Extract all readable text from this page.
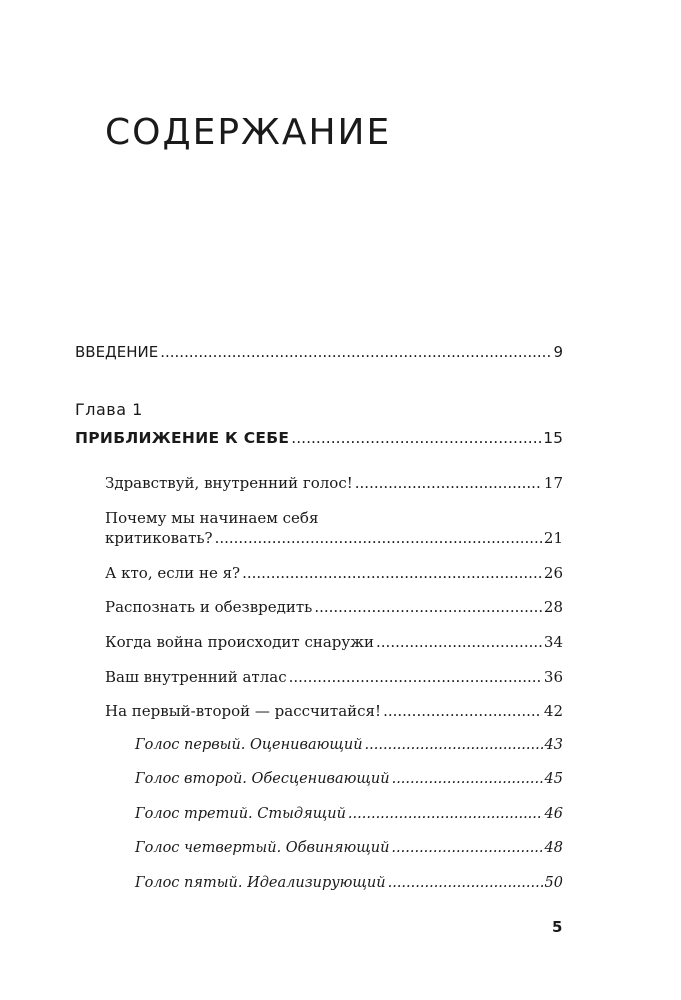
СОДЕРЖАНИЕ
ВВЕДЕНИЕ .....	9
Глава 1
ПРИБЛИЖЕНИЕ К СЕБЕ .....	15
Здравствуй, внутренний голос! .....	17
Почему мы начинаем себя
критиковать? .....	21
А кто, если не я? .....	26
Распознать и обезвредить .....	28
Когда война происходит снаружи .....	34
Ваш внутренний атлас .....	36
На первый-второй — рассчитайся! .....	42
Голос первый. Оценивающий .....	43
Голос второй. Обесценивающий .....	45
Голос третий. Стыдящий .....	46
Голос четвертый. Обвиняющий .....	48
Голос пятый. Идеализирующий .....	50
5
